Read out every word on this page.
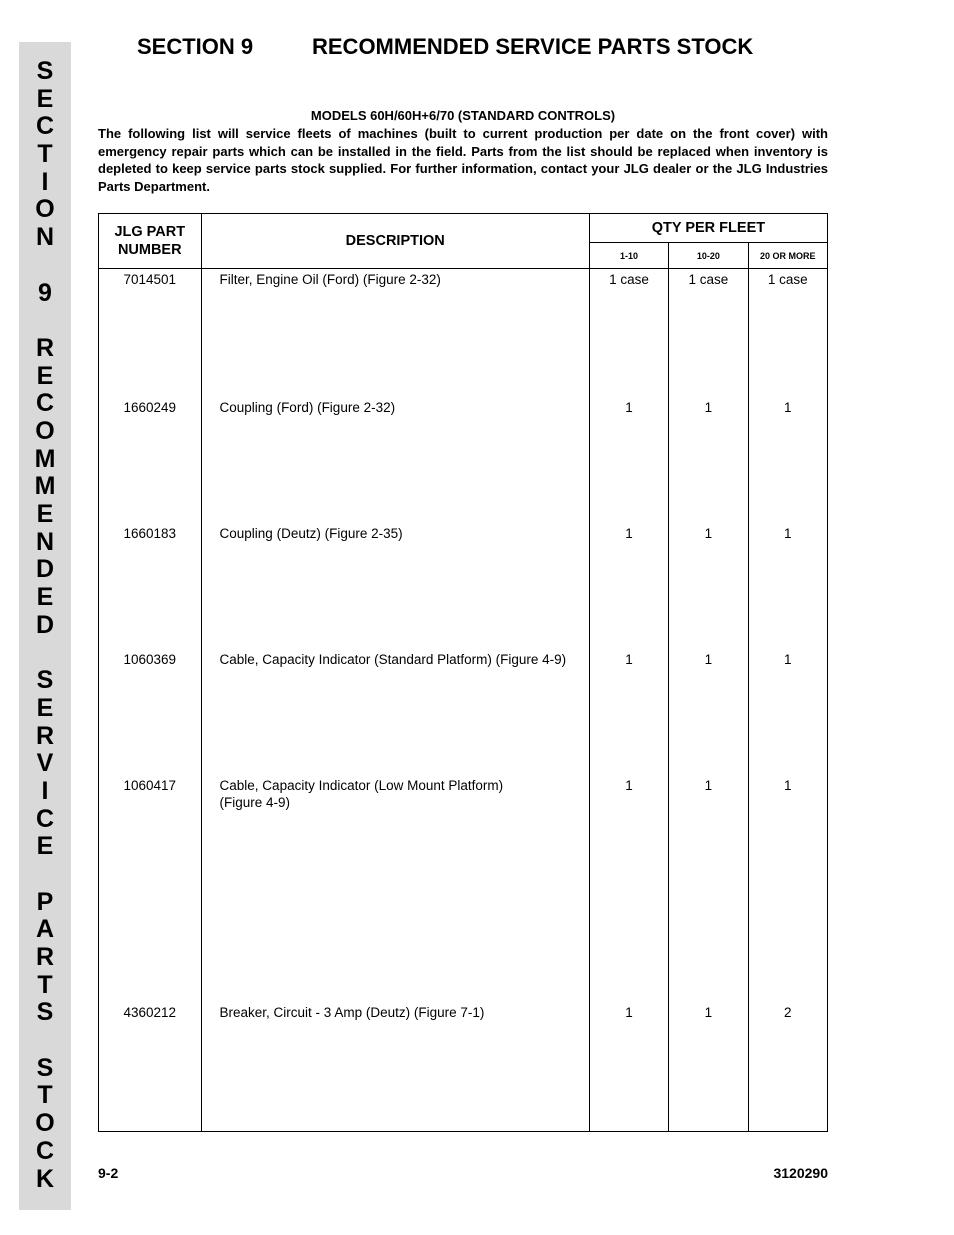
S
E
C
T
I
O
N
9
R
E
C
O
M
M
E
N
D
E
D
S
E
R
V
I
C
E
P
A
R
T
S
S
T
O
C
K
SECTION 9	RECOMMENDED SERVICE PARTS STOCK
MODELS 60H/60H+6/70 (STANDARD CONTROLS)
The following list will service fleets of machines (built to current production per date on the front cover) with emergency repair parts which can be installed in the field. Parts from the list should be replaced when inventory is depleted to keep service parts stock supplied. For further information, contact your JLG dealer or the JLG Industries Parts Department.
JLG PART
NUMBER	DESCRIPTION	QTY PER FLEET		
		1-10	10-20	20 OR MORE
7014501	Filter, Engine Oil (Ford) (Figure 2-32)	1 case	1 case	1 case
1660249	Coupling (Ford) (Figure 2-32)	1	1	1
1660183	Coupling (Deutz) (Figure 2-35)	1	1	1
1060369	Cable, Capacity Indicator (Standard Platform) (Figure 4-9)	1	1	1
1060417	Cable, Capacity Indicator (Low Mount Platform)
(Figure 4-9)	1	1	1
4360212	Breaker, Circuit - 3 Amp (Deutz) (Figure 7-1)	1	1	2

9-2	3120290
